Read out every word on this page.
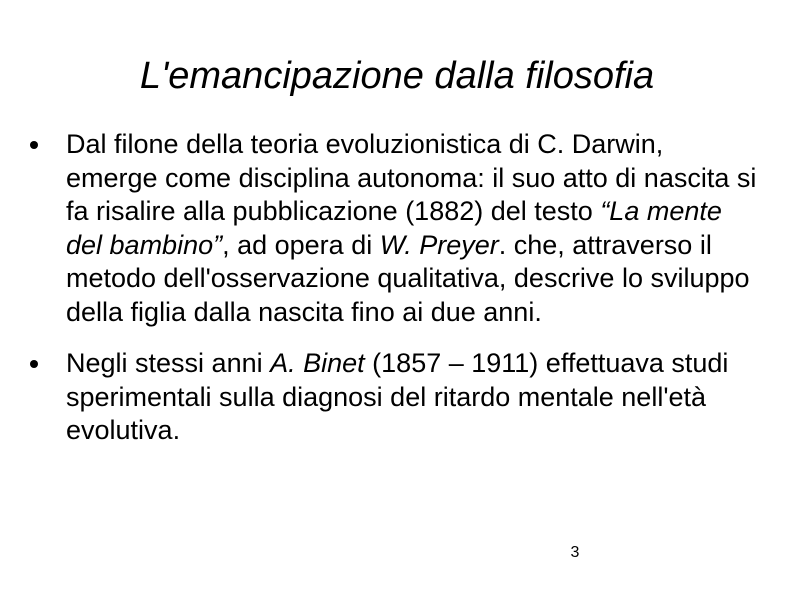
L'emancipazione dalla filosofia
Dal filone della teoria evoluzionistica di C. Darwin, emerge come disciplina autonoma: il suo atto di nascita si fa risalire alla pubblicazione (1882) del testo “La mente del bambino”, ad opera di W. Preyer. che, attraverso il metodo dell'osservazione qualitativa, descrive lo sviluppo della figlia dalla nascita fino ai due anni.
Negli stessi anni A. Binet (1857 – 1911) effettuava studi sperimentali sulla diagnosi del ritardo mentale nell'età evolutiva.
3
